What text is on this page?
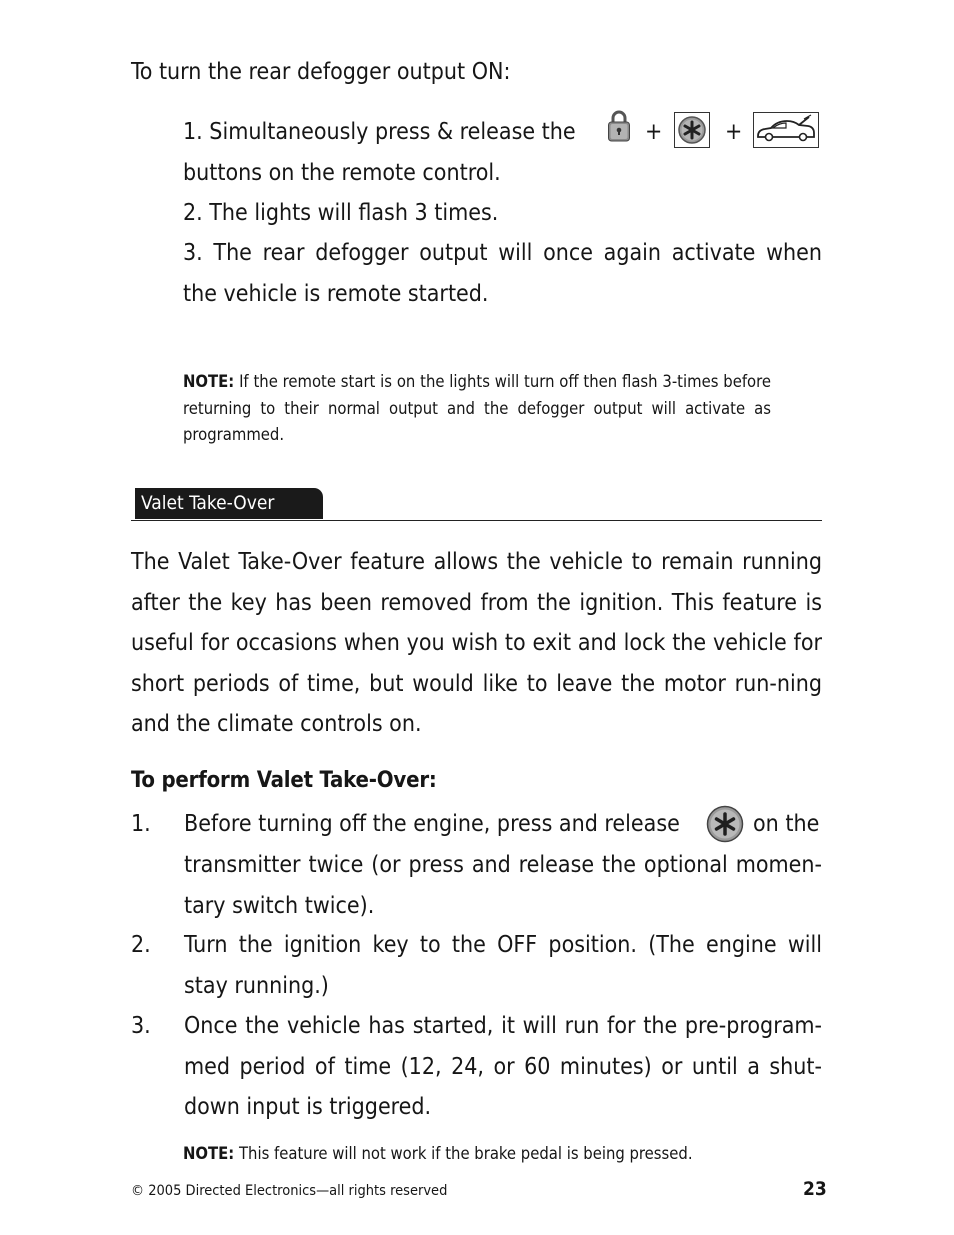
To turn the rear defogger output ON:
1. Simultaneously press & release the	+	+
buttons on the remote control.
2. The lights will flash 3 times.
3. The rear defogger output will once again activate when
the vehicle is remote started.
NOTE: If the remote start is on the lights will turn off then flash 3-times before returning to their normal output and the defogger output will activate as programmed.
Valet Take-Over
The Valet Take-Over feature allows the vehicle to remain running after the key has been removed from the ignition. This feature is useful for occasions when you wish to exit and lock the vehicle for short periods of time, but would like to leave the motor run-ning and the climate controls on.
To perform Valet Take-Over:
1.	Before turning off the engine, press and release	on the
transmitter twice (or press and release the optional momen-tary switch twice).
2.	Turn the ignition key to the OFF position. (The engine will stay running.)
3.	Once the vehicle has started, it will run for the pre-program-med period of time (12, 24, or 60 minutes) or until a shut-down input is triggered.
NOTE: This feature will not work if the brake pedal is being pressed.
© 2005 Directed Electronics—all rights reserved	23
